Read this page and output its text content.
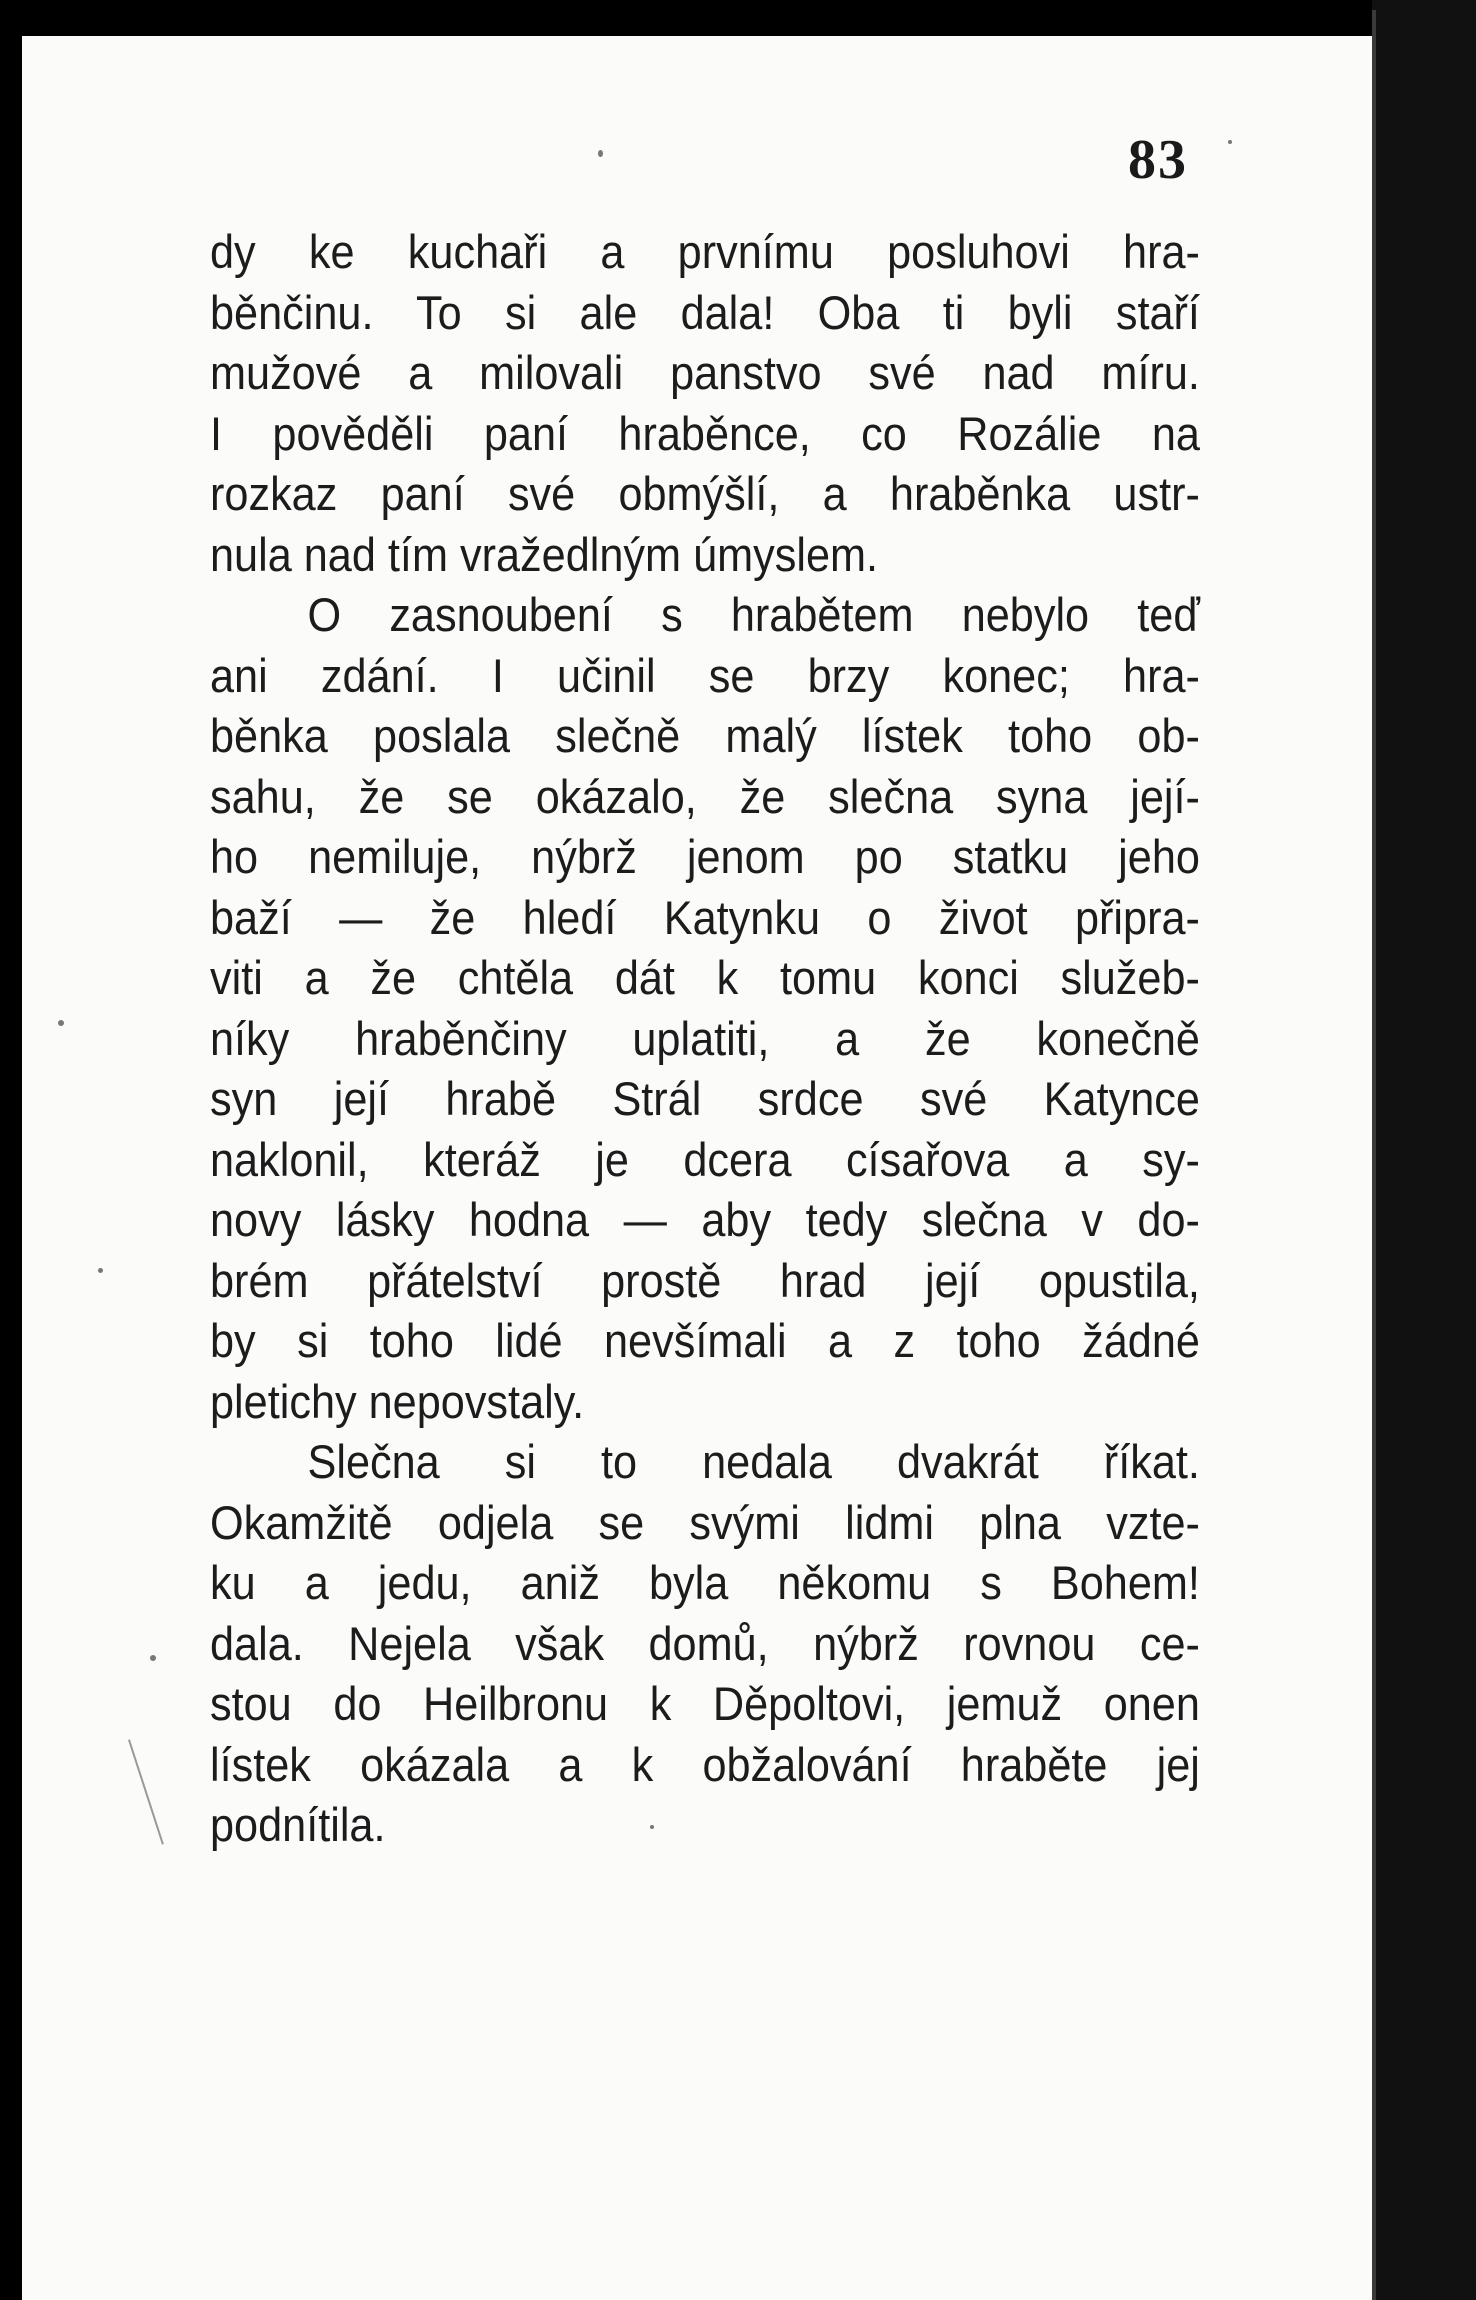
83
dy ke kuchaři a prvnímu posluhovi hra-
běnčinu. To si ale dala! Oba ti byli staří
mužové a milovali panstvo své nad míru.
I pověděli paní hraběnce, co Rozálie na
rozkaz paní své obmýšlí, a hraběnka ustr-
nula nad tím vražedlným úmyslem.
O zasnoubení s hrabětem nebylo teď
ani zdání. I učinil se brzy konec; hra-
běnka poslala slečně malý lístek toho ob-
sahu, že se okázalo, že slečna syna její-
ho nemiluje, nýbrž jenom po statku jeho
baží — že hledí Katynku o život připra-
viti a že chtěla dát k tomu konci služeb-
níky hraběnčiny uplatiti, a že konečně
syn její hrabě Strál srdce své Katynce
naklonil, kteráž je dcera císařova a sy-
novy lásky hodna — aby tedy slečna v do-
brém přátelství prostě hrad její opustila,
by si toho lidé nevšímali a z toho žádné
pletichy nepovstaly.
Slečna si to nedala dvakrát říkat.
Okamžitě odjela se svými lidmi plna vzte-
ku a jedu, aniž byla někomu s Bohem!
dala. Nejela však domů, nýbrž rovnou ce-
stou do Heilbronu k Děpoltovi, jemuž onen
lístek okázala a k obžalování hraběte jej
podnítila.
